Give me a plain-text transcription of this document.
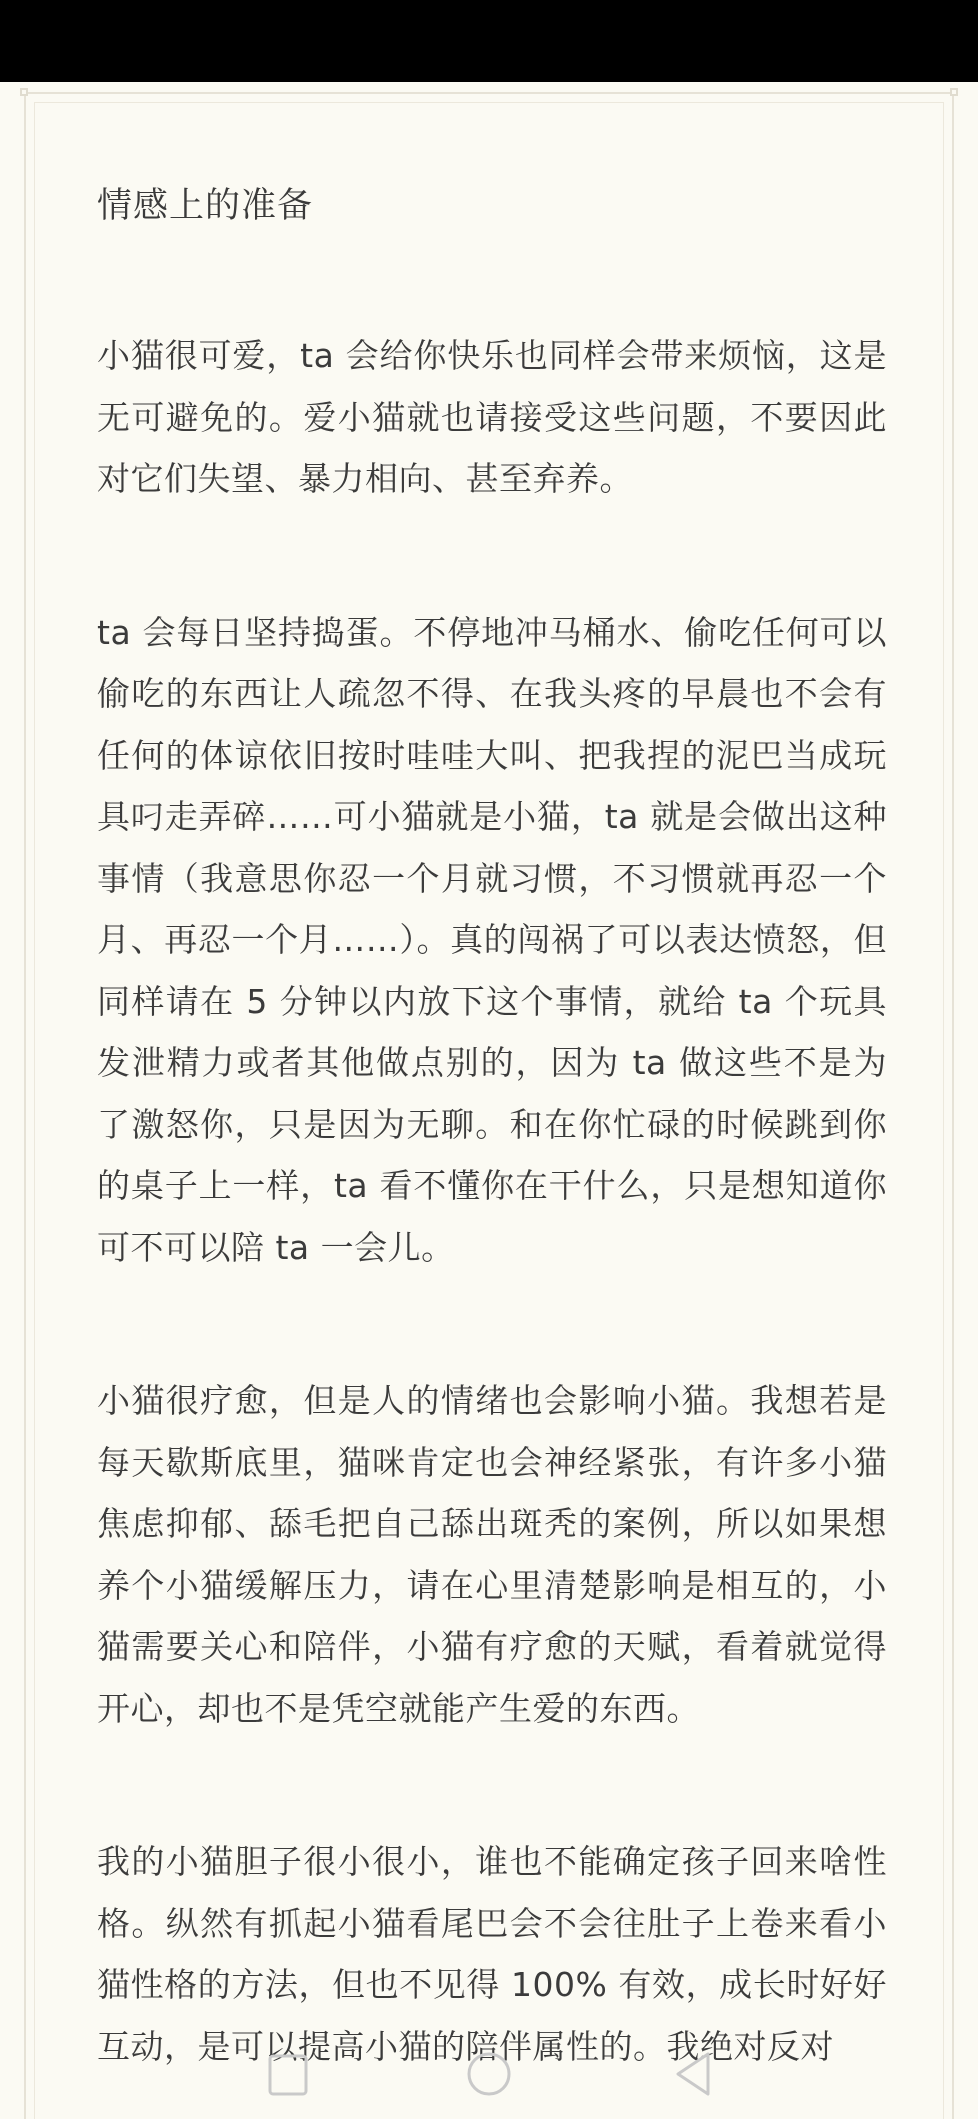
情感上的准备

小猫很可爱，ta 会给你快乐也同样会带来烦恼，这是无可避免的。爱小猫就也请接受这些问题，不要因此对它们失望、暴力相向、甚至弃养。

ta 会每日坚持捣蛋。不停地冲马桶水、偷吃任何可以偷吃的东西让人疏忽不得、在我头疼的早晨也不会有任何的体谅依旧按时哇哇大叫、把我捏的泥巴当成玩具叼走弄碎……可小猫就是小猫，ta 就是会做出这种事情（我意思你忍一个月就习惯，不习惯就再忍一个月、再忍一个月……）。真的闯祸了可以表达愤怒，但同样请在 5 分钟以内放下这个事情，就给 ta 个玩具发泄精力或者其他做点别的，因为 ta 做这些不是为了激怒你，只是因为无聊。和在你忙碌的时候跳到你的桌子上一样，ta 看不懂你在干什么，只是想知道你可不可以陪 ta 一会儿。

小猫很疗愈，但是人的情绪也会影响小猫。我想若是每天歇斯底里，猫咪肯定也会神经紧张，有许多小猫焦虑抑郁、舔毛把自己舔出斑秃的案例，所以如果想养个小猫缓解压力，请在心里清楚影响是相互的，小猫需要关心和陪伴，小猫有疗愈的天赋，看着就觉得开心，却也不是凭空就能产生爱的东西。

我的小猫胆子很小很小，谁也不能确定孩子回来啥性格。纵然有抓起小猫看尾巴会不会往肚子上卷来看小猫性格的方法，但也不见得 100% 有效，成长时好好互动，是可以提高小猫的陪伴属性的。我绝对反对
